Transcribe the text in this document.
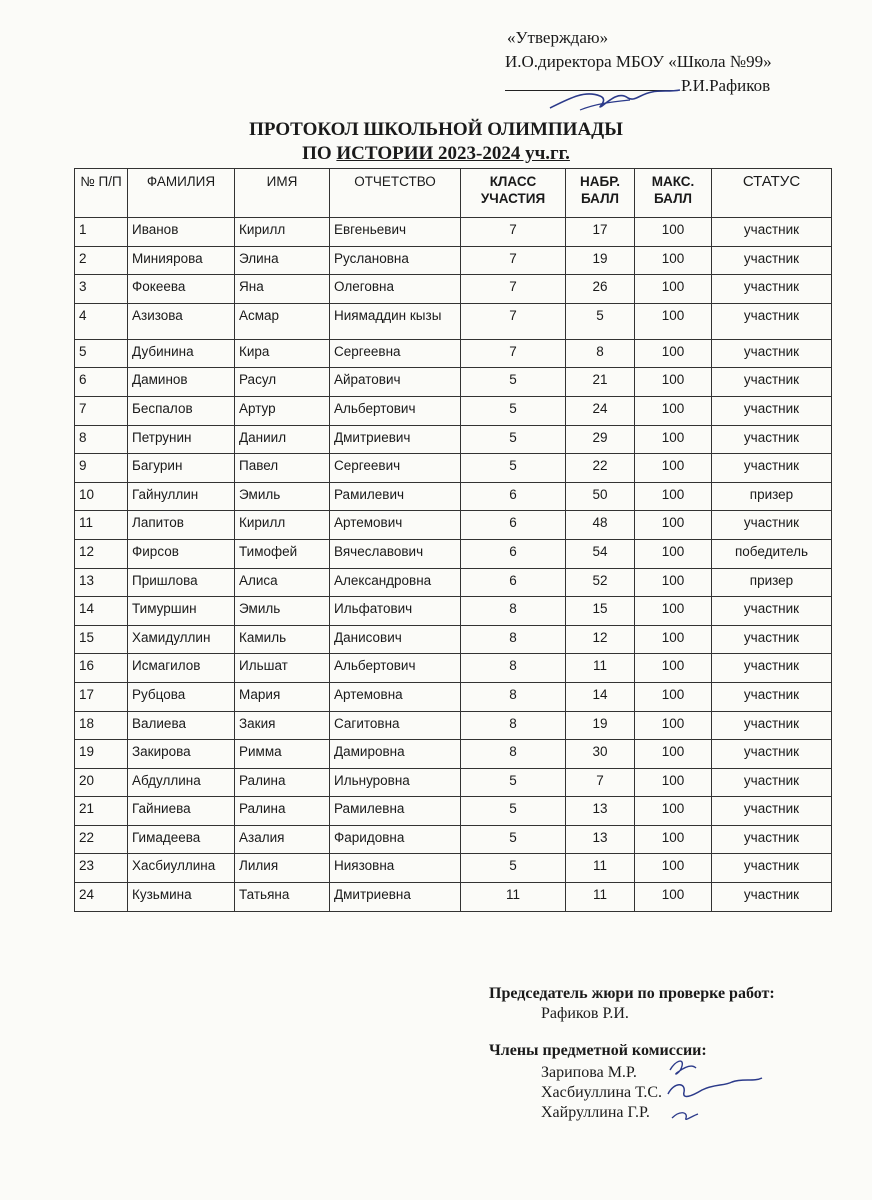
«Утверждаю»
И.О.директора МБОУ «Школа №99»
Р.И.Рафиков
ПРОТОКОЛ ШКОЛЬНОЙ ОЛИМПИАДЫ
ПО ИСТОРИИ 2023-2024 уч.гг.
№ П/П	ФАМИЛИЯ	ИМЯ	ОТЧЕТСТВО	КЛАСС УЧАСТИЯ	НАБР. БАЛЛ	МАКС. БАЛЛ	СТАТУС
1	Иванов	Кирилл	Евгеньевич	7	17	100	участник
2	Миниярова	Элина	Руслановна	7	19	100	участник
3	Фокеева	Яна	Олеговна	7	26	100	участник
4	Азизова	Асмар	Ниямаддин кызы	7	5	100	участник
5	Дубинина	Кира	Сергеевна	7	8	100	участник
6	Даминов	Расул	Айратович	5	21	100	участник
7	Беспалов	Артур	Альбертович	5	24	100	участник
8	Петрунин	Даниил	Дмитриевич	5	29	100	участник
9	Багурин	Павел	Сергеевич	5	22	100	участник
10	Гайнуллин	Эмиль	Рамилевич	6	50	100	призер
11	Лапитов	Кирилл	Артемович	6	48	100	участник
12	Фирсов	Тимофей	Вячеславович	6	54	100	победитель
13	Пришлова	Алиса	Александровна	6	52	100	призер
14	Тимуршин	Эмиль	Ильфатович	8	15	100	участник
15	Хамидуллин	Камиль	Данисович	8	12	100	участник
16	Исмагилов	Ильшат	Альбертович	8	11	100	участник
17	Рубцова	Мария	Артемовна	8	14	100	участник
18	Валиева	Закия	Сагитовна	8	19	100	участник
19	Закирова	Римма	Дамировна	8	30	100	участник
20	Абдуллина	Ралина	Ильнуровна	5	7	100	участник
21	Гайниева	Ралина	Рамилевна	5	13	100	участник
22	Гимадеева	Азалия	Фаридовна	5	13	100	участник
23	Хасбиуллина	Лилия	Ниязовна	5	11	100	участник
24	Кузьмина	Татьяна	Дмитриевна	11	11	100	участник
Председатель жюри по проверке работ:
Рафиков Р.И.
Члены предметной комиссии:
Зарипова М.Р.
Хасбиуллина Т.С.
Хайруллина Г.Р.
